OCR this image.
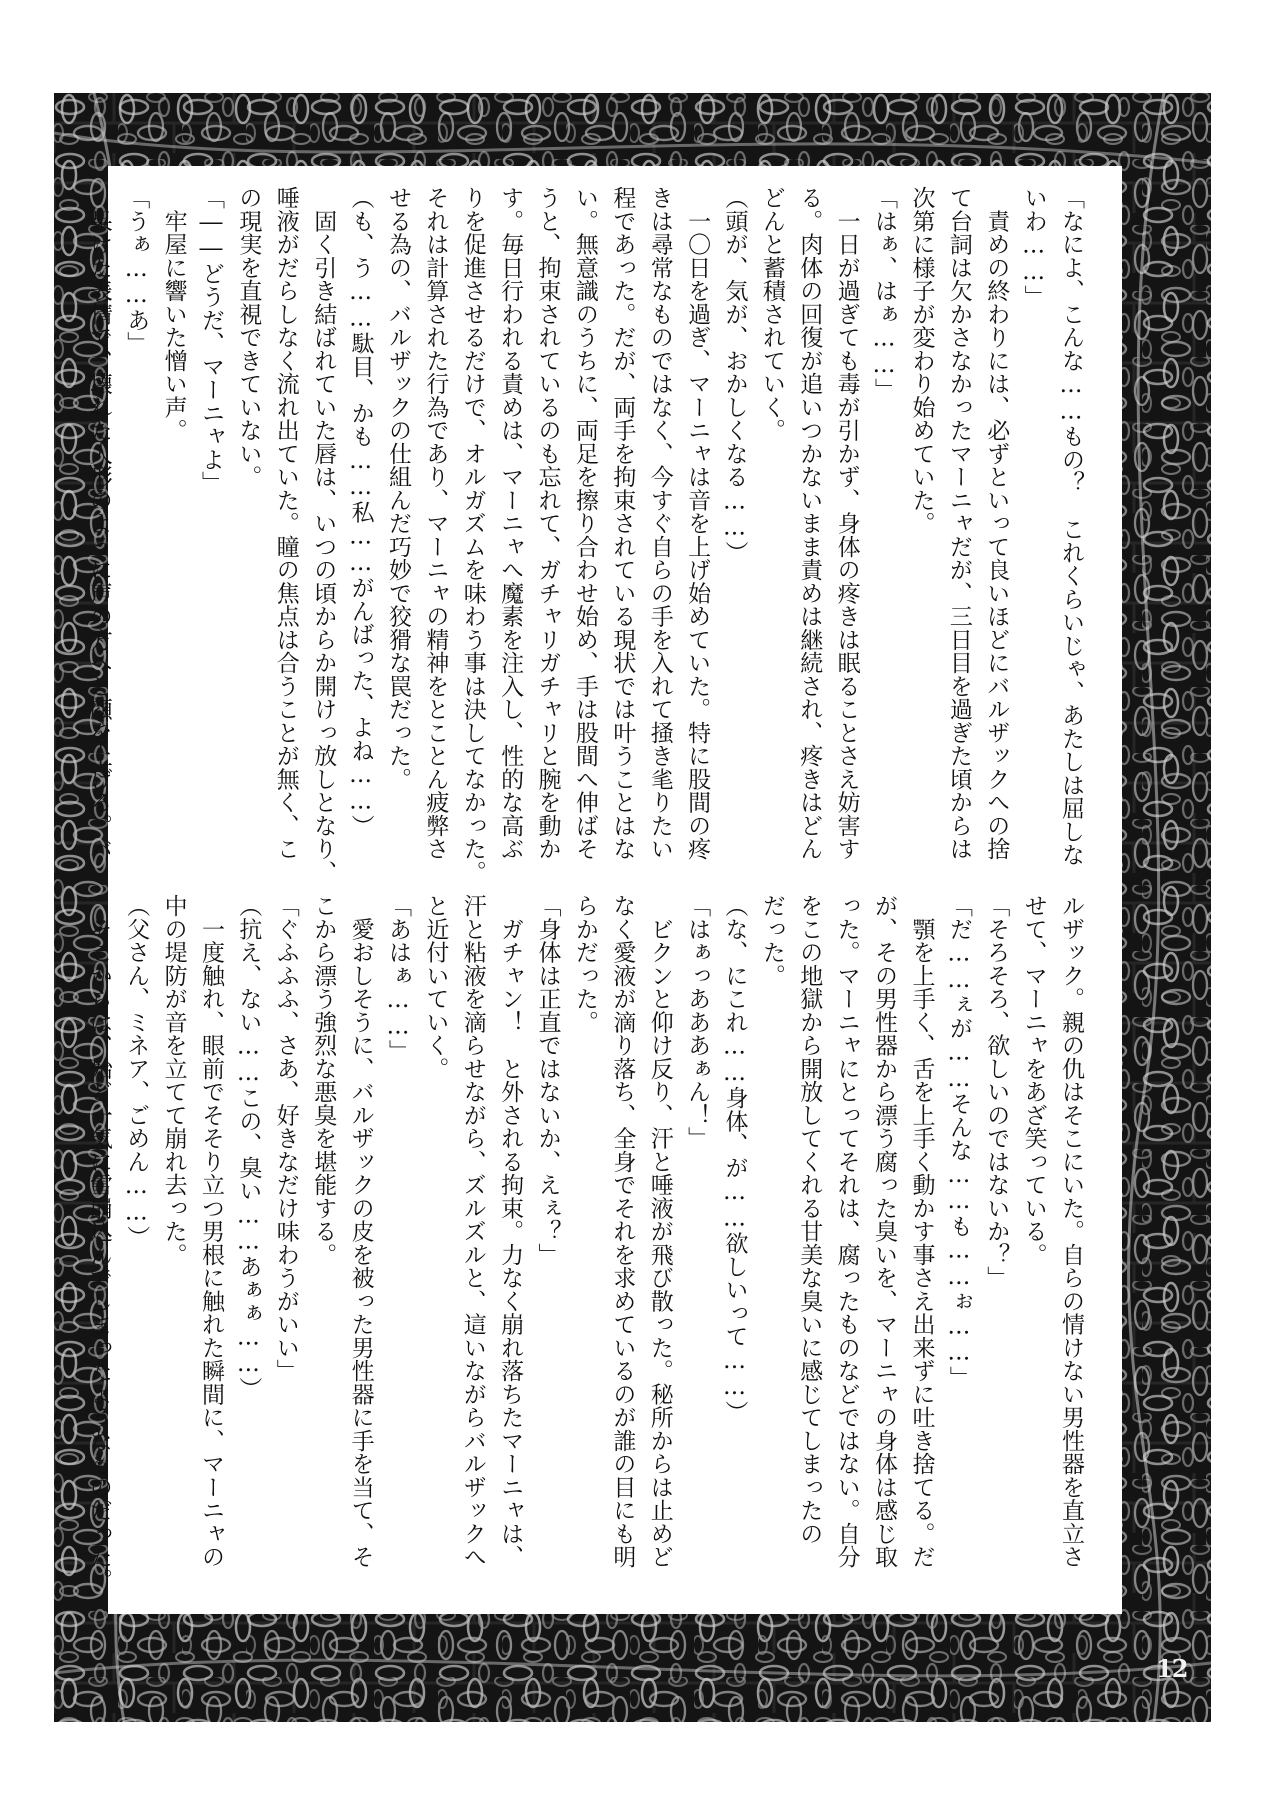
「なによ、こんな……もの？　これくらいじゃ、あたしは屈しな
いわ……」
　責めの終わりには、必ずといって良いほどにバルザックへの捨
て台詞は欠かさなかったマーニャだが、三日目を過ぎた頃からは
次第に様子が変わり始めていた。
「はぁ、はぁ……」
　一日が過ぎても毒が引かず、身体の疼きは眠ることさえ妨害す
る。肉体の回復が追いつかないまま責めは継続され、疼きはどん
どんと蓄積されていく。
（頭が、気が、おかしくなる……）
　一〇日を過ぎ、マーニャは音を上げ始めていた。特に股間の疼
きは尋常なものではなく、今すぐ自らの手を入れて掻き毟りたい
程であった。だが、両手を拘束されている現状では叶うことはな
い。無意識のうちに、両足を擦り合わせ始め、手は股間へ伸ばそ
うと、拘束されているのも忘れて、ガチャリガチャリと腕を動か
す。毎日行われる責めは、マーニャへ魔素を注入し、性的な高ぶ
りを促進させるだけで、オルガズムを味わう事は決してなかった。
それは計算された行為であり、マーニャの精神をとことん疲弊さ
せる為の、バルザックの仕組んだ巧妙で狡猾な罠だった。
（も、う……駄目、かも……私……がんばった、よね……）
　固く引き結ばれていた唇は、いつの頃からか開けっ放しとなり、
唾液がだらしなく流れ出ていた。瞳の焦点は合うことが無く、こ
の現実を直視できていない。
「――どうだ、マーニャよ」
　牢屋に響いた憎い声。
「うぁ……あ」
　呆けた表情で、壊れた人形のように声の方へと顔を上げる。バ
ルザック。親の仇はそこにいた。自らの情けない男性器を直立さ
せて、マーニャをあざ笑っている。
「そろそろ、欲しいのではないか？」
「だ……ぇが……そんな……も……ぉ……」
　顎を上手く、舌を上手く動かす事さえ出来ずに吐き捨てる。だ
が、その男性器から漂う腐った臭いを、マーニャの身体は感じ取
った。マーニャにとってそれは、腐ったものなどではない。自分
をこの地獄から開放してくれる甘美な臭いに感じてしまったの
だった。
（な、にこれ……身体、が……欲しいって……）
「はぁっあああぁん！」
　ビクンと仰け反り、汗と唾液が飛び散った。秘所からは止めど
なく愛液が滴り落ち、全身でそれを求めているのが誰の目にも明
らかだった。
「身体は正直ではないか、えぇ？」
　ガチャン！　と外される拘束。力なく崩れ落ちたマーニャは、
汗と粘液を滴らせながら、ズルズルと、這いながらバルザックへ
と近付いていく。
「あはぁ……」
　愛おしそうに、バルザックの皮を被った男性器に手を当て、そ
こから漂う強烈な悪臭を堪能する。
「ぐふふふ、さあ、好きなだけ味わうがいい」
（抗え、ない……この、臭い……あぁぁ……）
　一度触れ、眼前でそそり立つ男根に触れた瞬間に、マーニャの
中の堤防が音を立てて崩れ去った。
（父さん、ミネア、ごめん……）
　そこからは、殆ど一気に雪崩込んでしまったようなものだった。
12
